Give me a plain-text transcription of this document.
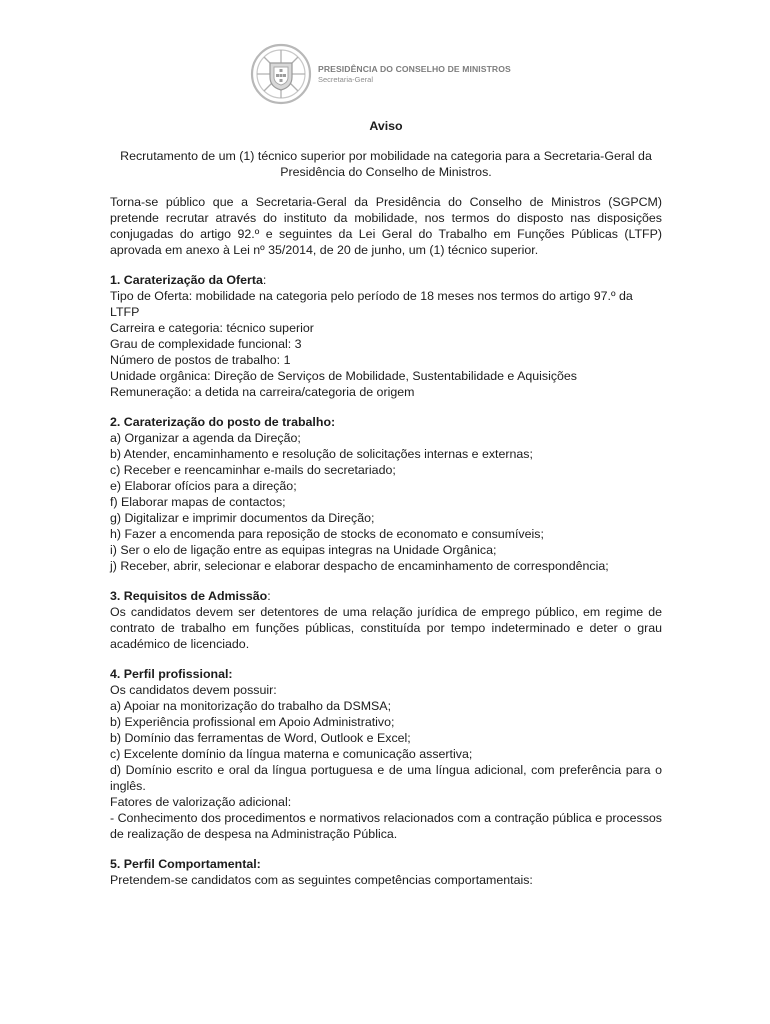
PRESIDÊNCIA DO CONSELHO DE MINISTROS
Secretaria-Geral

Aviso

Recrutamento de um (1) técnico superior por mobilidade na categoria para a Secretaria-Geral da Presidência do Conselho de Ministros.

Torna-se público que a Secretaria-Geral da Presidência do Conselho de Ministros (SGPCM) pretende recrutar através do instituto da mobilidade, nos termos do disposto nas disposições conjugadas do artigo 92.º e seguintes da Lei Geral do Trabalho em Funções Públicas (LTFP) aprovada em anexo à Lei nº 35/2014, de 20 de junho, um (1) técnico superior.

1. Caraterização da Oferta:
Tipo de Oferta: mobilidade na categoria pelo período de 18 meses nos termos do artigo 97.º da LTFP
Carreira e categoria: técnico superior
Grau de complexidade funcional: 3
Número de postos de trabalho: 1
Unidade orgânica: Direção de Serviços de Mobilidade, Sustentabilidade e Aquisições
Remuneração: a detida na carreira/categoria de origem
2. Caraterização do posto de trabalho:
a) Organizar a agenda da Direção;
b) Atender, encaminhamento e resolução de solicitações internas e externas;
c) Receber e reencaminhar e-mails do secretariado;
e) Elaborar ofícios para a direção;
f) Elaborar mapas de contactos;
g) Digitalizar e imprimir documentos da Direção;
h) Fazer a encomenda para reposição de stocks de economato e consumíveis;
i) Ser o elo de ligação entre as equipas integras na Unidade Orgânica;
j) Receber, abrir, selecionar e elaborar despacho de encaminhamento de correspondência;
3. Requisitos de Admissão:
Os candidatos devem ser detentores de uma relação jurídica de emprego público, em regime de contrato de trabalho em funções públicas, constituída por tempo indeterminado e deter o grau académico de licenciado.
4. Perfil profissional:
Os candidatos devem possuir:
a) Apoiar na monitorização do trabalho da DSMSA;
b) Experiência profissional em Apoio Administrativo;
b) Domínio das ferramentas de Word, Outlook e Excel;
c) Excelente domínio da língua materna e comunicação assertiva;
d) Domínio escrito e oral da língua portuguesa e de uma língua adicional, com preferência para o inglês.
Fatores de valorização adicional:
- Conhecimento dos procedimentos e normativos relacionados com a contração pública e processos de realização de despesa na Administração Pública.
5. Perfil Comportamental:
Pretendem-se candidatos com as seguintes competências comportamentais:
